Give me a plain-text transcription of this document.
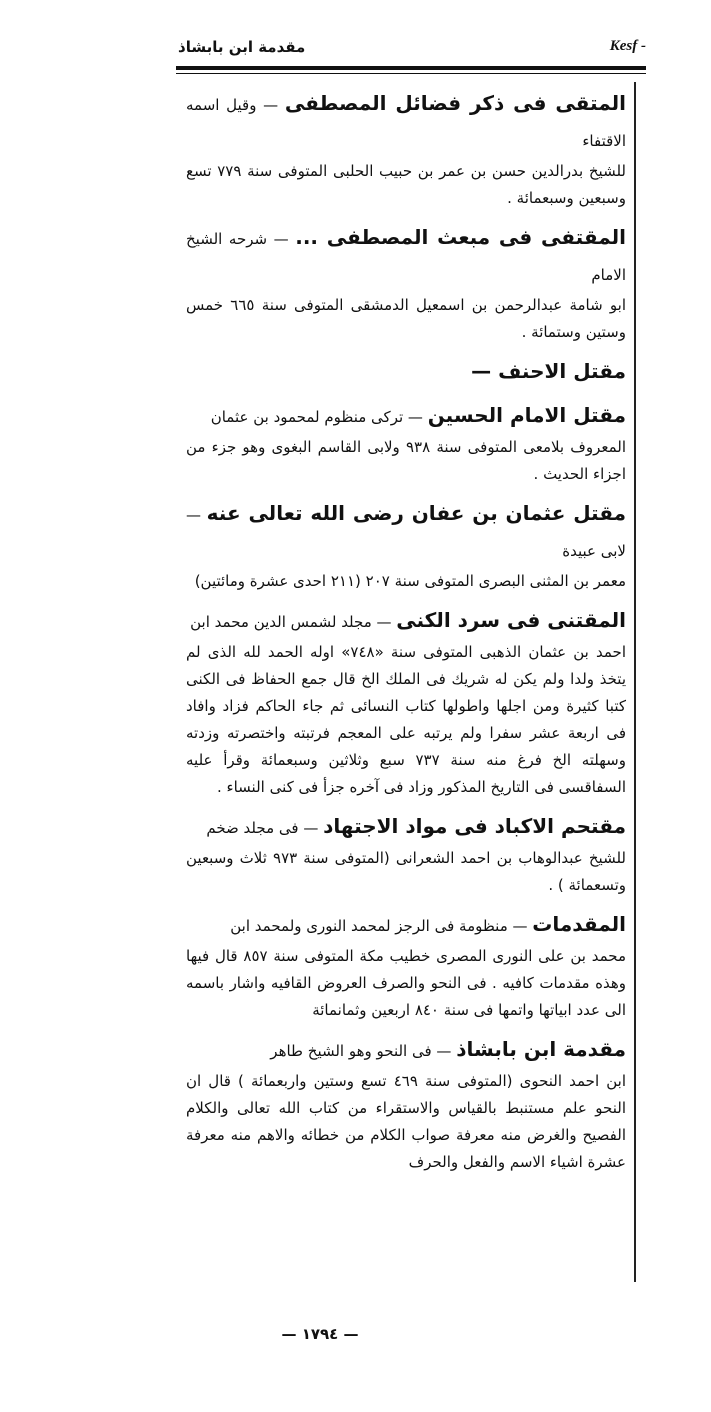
مقدمة ابن بابشاذ	Kesf -

المتقى فى ذكر فضائل المصطفى — وقيل اسمه الاقتفاء

للشيخ بدرالدين حسن بن عمر بن حبيب الحلبى المتوفى سنة ٧٧٩ تسع وسبعين وسبعمائة .

المقتفى فى مبعث المصطفى ... — شرحه الشيخ الامام

ابو شامة عبدالرحمن بن اسمعيل الدمشقى المتوفى سنة ٦٦٥ خمس وستين وستمائة .

مقتل الاحنف —

مقتل الامام الحسين — تركى منظوم لمحمود بن عثمان

المعروف بلامعى المتوفى سنة ٩٣٨ ولابى القاسم البغوى وهو جزء من اجزاء الحديث .

مقتل عثمان بن عفان رضى الله تعالى عنه — لابى عبيدة

معمر بن المثنى البصرى المتوفى سنة ٢٠٧ (٢١١ احدى عشرة ومائتين)

المقتنى فى سرد الكنى — مجلد لشمس الدين محمد ابن

احمد بن عثمان الذهبى المتوفى سنة «٧٤٨» اوله الحمد لله الذى لم يتخذ ولدا ولم يكن له شريك فى الملك الخ قال جمع الحفاظ فى الكنى كتبا كثيرة ومن اجلها واطولها كتاب النسائى ثم جاء الحاكم فزاد وافاد فى اربعة عشر سفرا ولم يرتبه على المعجم فرتبته واختصرته وزدته وسهلته الخ فرغ منه سنة ٧٣٧ سبع وثلاثين وسبعمائة وقرأ عليه السفاقسى فى التاريخ المذكور وزاد فى آخره جزأ فى كنى النساء .

مقتحم الاكباد فى مواد الاجتهاد — فى مجلد ضخم

للشيخ عبدالوهاب بن احمد الشعرانى (المتوفى سنة ٩٧٣ ثلاث وسبعين وتسعمائة ) .

المقدمات — منظومة فى الرجز لمحمد النورى ولمحمد ابن

محمد بن على النورى المصرى خطيب مكة المتوفى سنة ٨٥٧ قال فيها وهذه مقدمات كافيه . فى النحو والصرف العروض القافيه واشار باسمه الى عدد ابياتها واتمها فى سنة ٨٤٠ اربعين وثمانمائة

مقدمة ابن بابشاذ — فى النحو وهو الشيخ طاهر

ابن احمد النحوى (المتوفى سنة ٤٦٩ تسع وستين واربعمائة ) قال ان النحو علم مستنبط بالقياس والاستقراء من كتاب الله تعالى والكلام الفصيح والغرض منه معرفة صواب الكلام من خطائه والاهم منه معرفة عشرة اشياء الاسم والفعل والحرف

— ١٧٩٤ —
